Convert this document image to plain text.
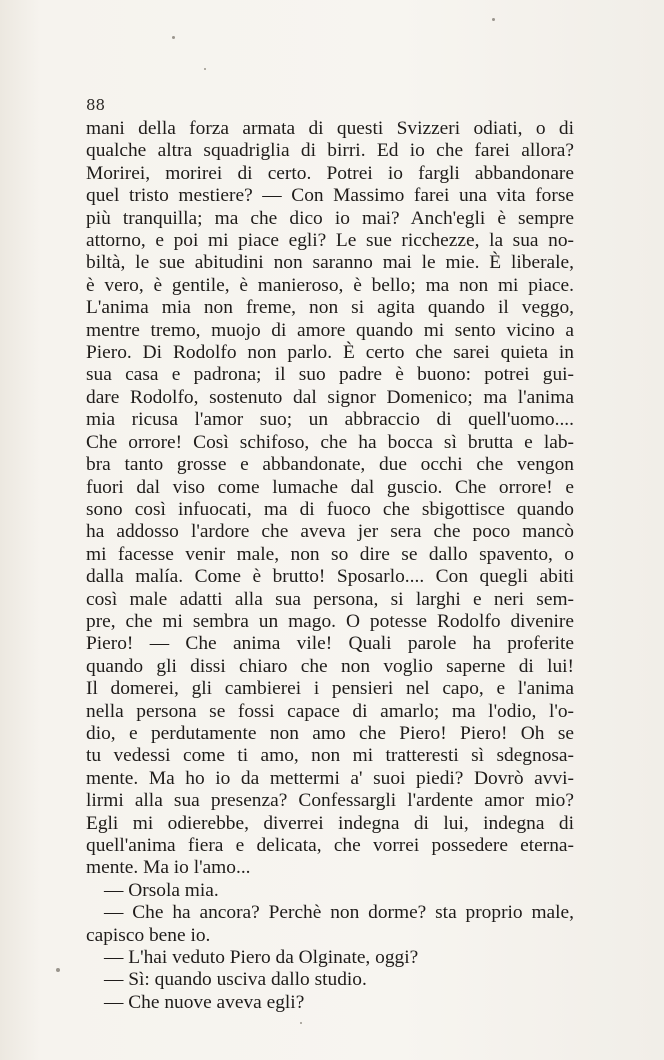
88
mani della forza armata di questi Svizzeri odiati, o di
qualche altra squadriglia di birri. Ed io che farei allora?
Morirei, morirei di certo. Potrei io fargli abbandonare
quel tristo mestiere? — Con Massimo farei una vita forse
più tranquilla; ma che dico io mai? Anch'egli è sempre
attorno, e poi mi piace egli? Le sue ricchezze, la sua no-
biltà, le sue abitudini non saranno mai le mie. È liberale,
è vero, è gentile, è manieroso, è bello; ma non mi piace.
L'anima mia non freme, non si agita quando il veggo,
mentre tremo, muojo di amore quando mi sento vicino a
Piero. Di Rodolfo non parlo. È certo che sarei quieta in
sua casa e padrona; il suo padre è buono: potrei gui-
dare Rodolfo, sostenuto dal signor Domenico; ma l'anima
mia ricusa l'amor suo; un abbraccio di quell'uomo....
Che orrore! Così schifoso, che ha bocca sì brutta e lab-
bra tanto grosse e abbandonate, due occhi che vengon
fuori dal viso come lumache dal guscio. Che orrore! e
sono così infuocati, ma di fuoco che sbigottisce quando
ha addosso l'ardore che aveva jer sera che poco mancò
mi facesse venir male, non so dire se dallo spavento, o
dalla malía. Come è brutto! Sposarlo.... Con quegli abiti
così male adatti alla sua persona, si larghi e neri sem-
pre, che mi sembra un mago. O potesse Rodolfo divenire
Piero! — Che anima vile! Quali parole ha proferite
quando gli dissi chiaro che non voglio saperne di lui!
Il domerei, gli cambierei i pensieri nel capo, e l'anima
nella persona se fossi capace di amarlo; ma l'odio, l'o-
dio, e perdutamente non amo che Piero! Piero! Oh se
tu vedessi come ti amo, non mi tratteresti sì sdegnosa-
mente. Ma ho io da mettermi a' suoi piedi? Dovrò avvi-
lirmi alla sua presenza? Confessargli l'ardente amor mio?
Egli mi odierebbe, diverrei indegna di lui, indegna di
quell'anima fiera e delicata, che vorrei possedere eterna-
mente. Ma io l'amo...
— Orsola mia.
— Che ha ancora? Perchè non dorme? sta proprio male,
capisco bene io.
— L'hai veduto Piero da Olginate, oggi?
— Sì: quando usciva dallo studio.
— Che nuove aveva egli?
